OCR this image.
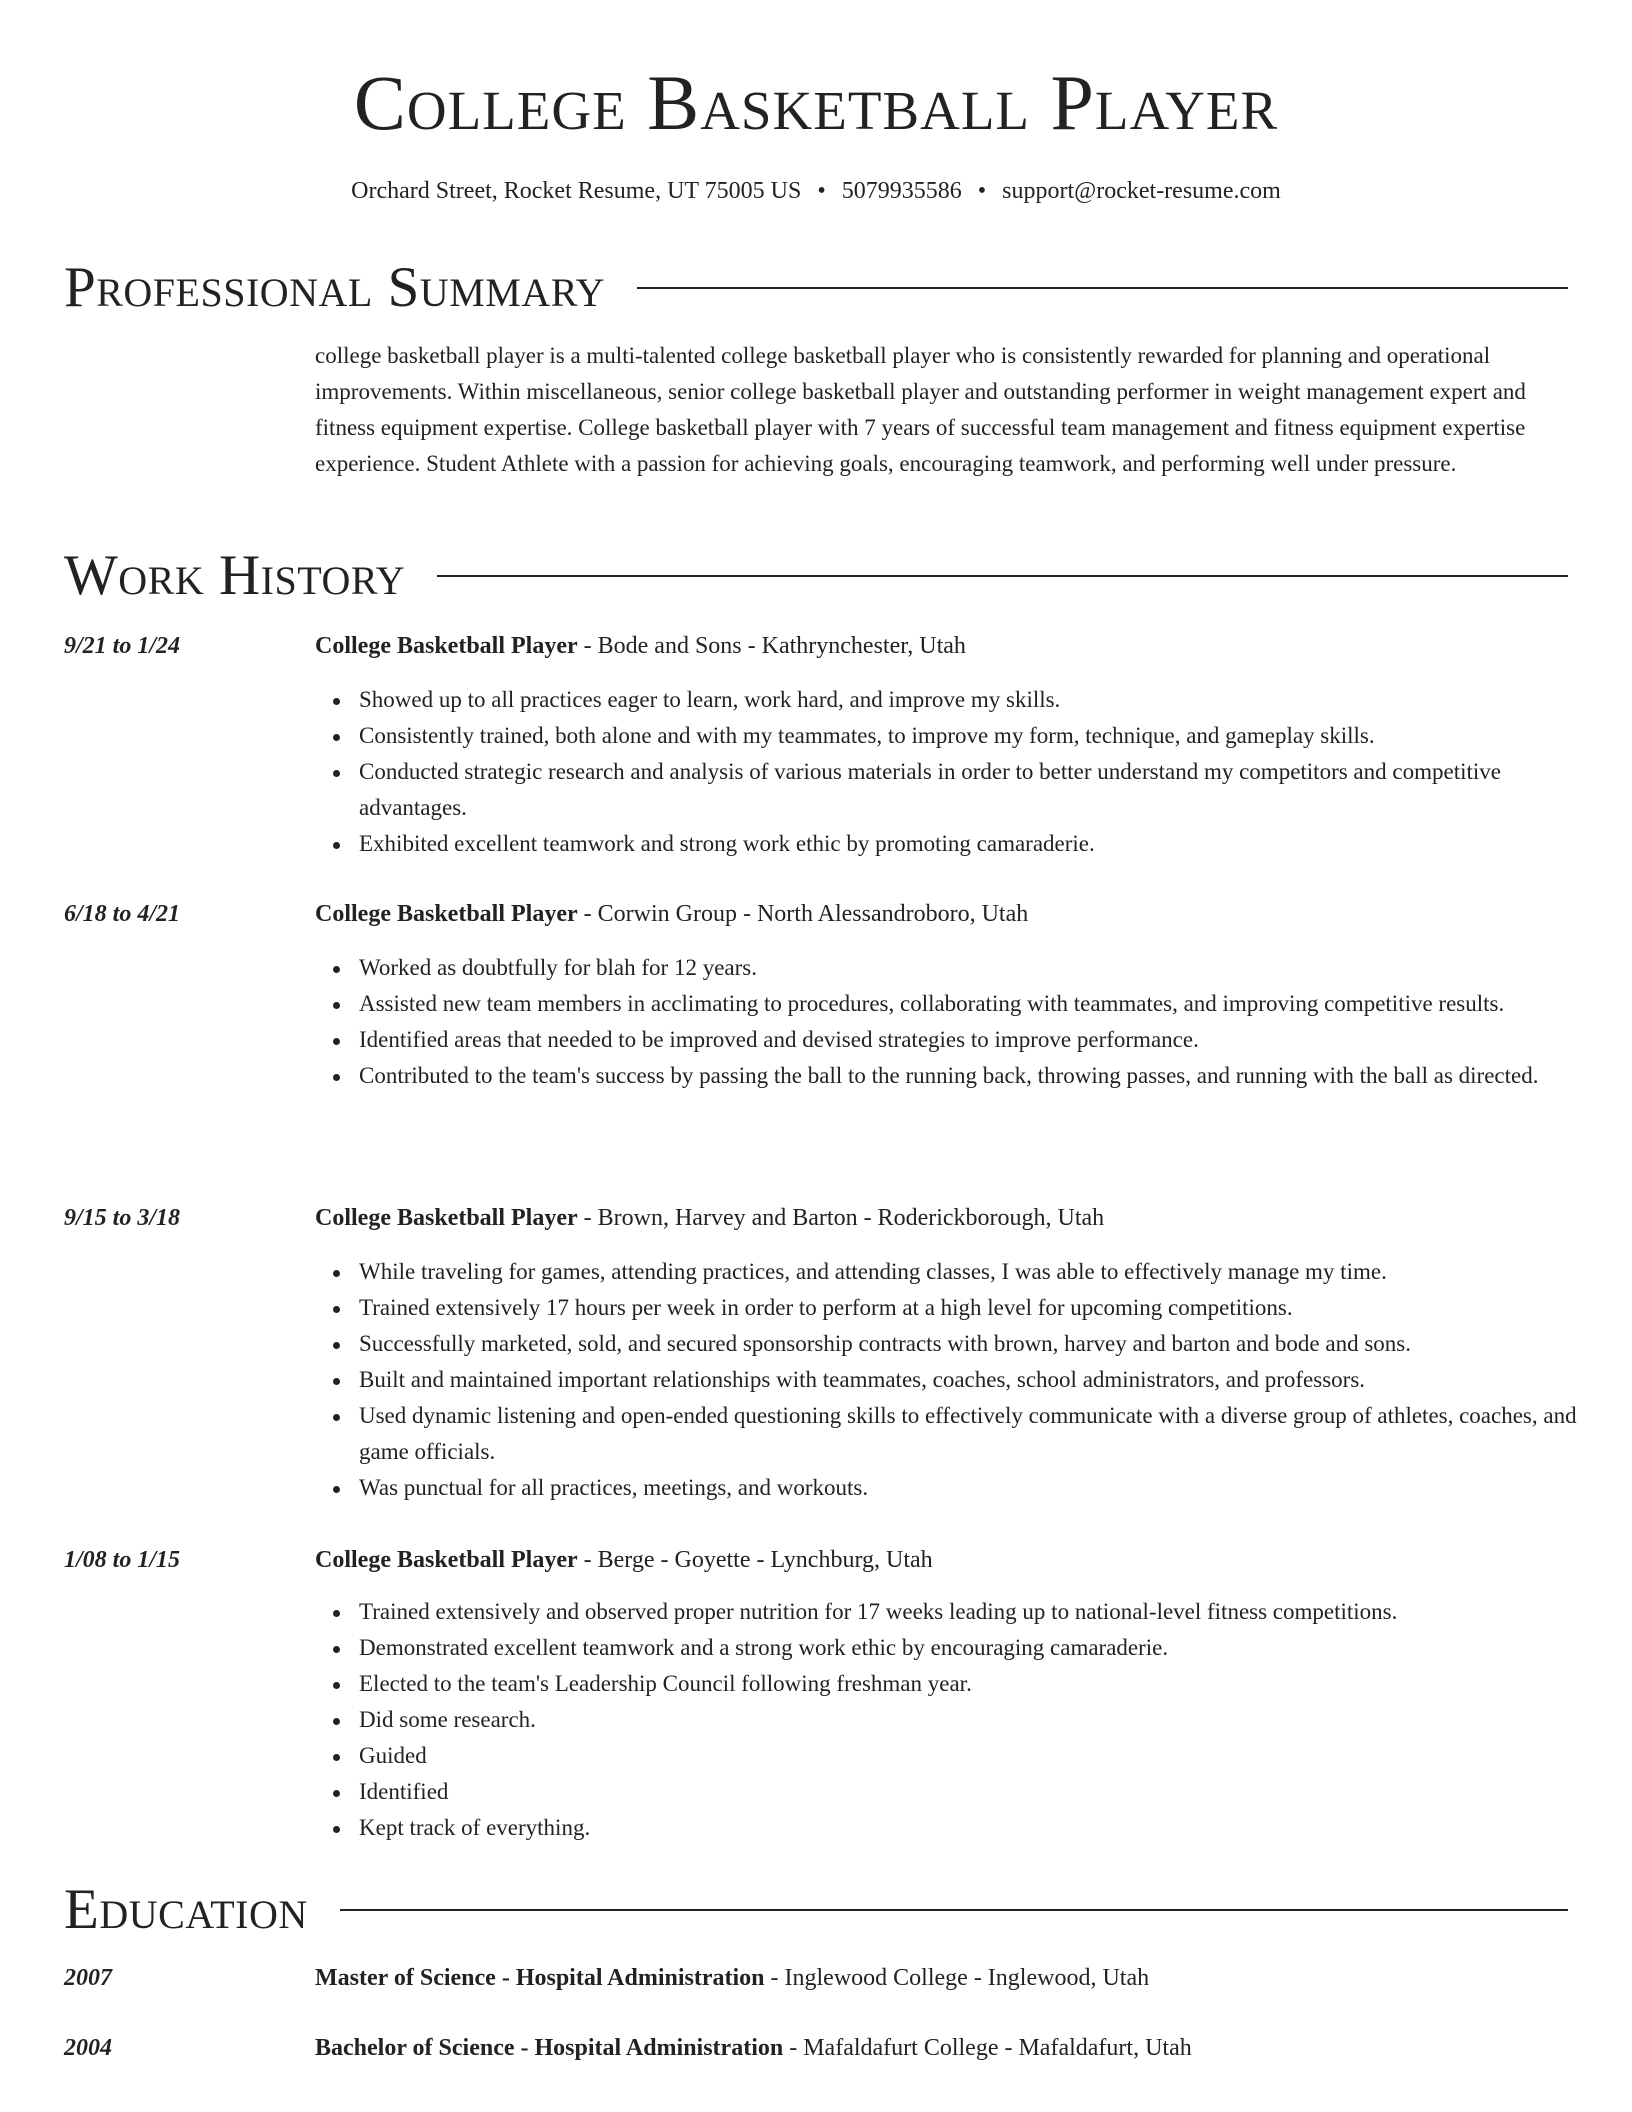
College Basketball Player
Orchard Street, Rocket Resume, UT 75005 US • 5079935586 • support@rocket-resume.com
Professional Summary
college basketball player is a multi-talented college basketball player who is consistently rewarded for planning and operational improvements. Within miscellaneous, senior college basketball player and outstanding performer in weight management expert and fitness equipment expertise. College basketball player with 7 years of successful team management and fitness equipment expertise experience. Student Athlete with a passion for achieving goals, encouraging teamwork, and performing well under pressure.
Work History
9/21 to 1/24	College Basketball Player - Bode and Sons - Kathrynchester, Utah
Showed up to all practices eager to learn, work hard, and improve my skills.
Consistently trained, both alone and with my teammates, to improve my form, technique, and gameplay skills.
Conducted strategic research and analysis of various materials in order to better understand my competitors and competitive advantages.
Exhibited excellent teamwork and strong work ethic by promoting camaraderie.
6/18 to 4/21	College Basketball Player - Corwin Group - North Alessandroboro, Utah
Worked as doubtfully for blah for 12 years.
Assisted new team members in acclimating to procedures, collaborating with teammates, and improving competitive results.
Identified areas that needed to be improved and devised strategies to improve performance.
Contributed to the team's success by passing the ball to the running back, throwing passes, and running with the ball as directed.
9/15 to 3/18	College Basketball Player - Brown, Harvey and Barton - Roderickborough, Utah
While traveling for games, attending practices, and attending classes, I was able to effectively manage my time.
Trained extensively 17 hours per week in order to perform at a high level for upcoming competitions.
Successfully marketed, sold, and secured sponsorship contracts with brown, harvey and barton and bode and sons.
Built and maintained important relationships with teammates, coaches, school administrators, and professors.
Used dynamic listening and open-ended questioning skills to effectively communicate with a diverse group of athletes, coaches, and game officials.
Was punctual for all practices, meetings, and workouts.
1/08 to 1/15	College Basketball Player - Berge - Goyette - Lynchburg, Utah
Trained extensively and observed proper nutrition for 17 weeks leading up to national-level fitness competitions.
Demonstrated excellent teamwork and a strong work ethic by encouraging camaraderie.
Elected to the team's Leadership Council following freshman year.
Did some research.
Guided
Identified
Kept track of everything.
Education
2007	Master of Science - Hospital Administration - Inglewood College - Inglewood, Utah
2004	Bachelor of Science - Hospital Administration - Mafaldafurt College - Mafaldafurt, Utah
